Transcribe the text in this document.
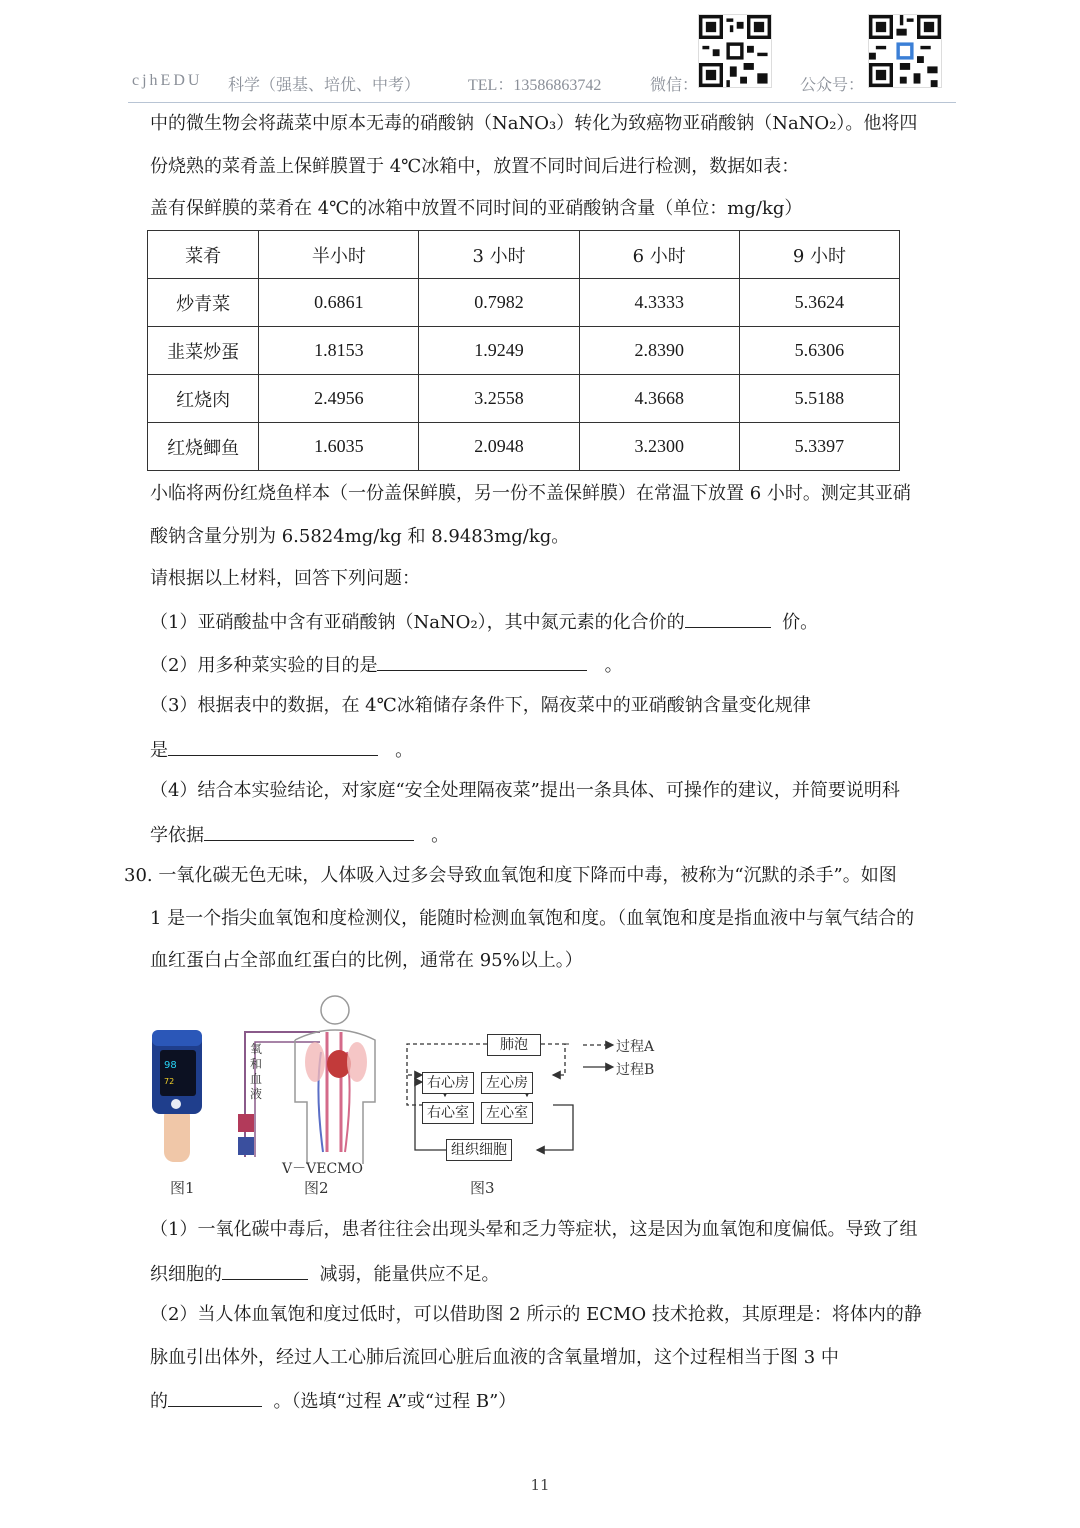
cjhEDU 科学（强基、培优、中考）	TEL：13586863742	微信：	公众号：
中的微生物会将蔬菜中原本无毒的硝酸钠（NaNO₃）转化为致癌物亚硝酸钠（NaNO₂）。他将四
份烧熟的菜肴盖上保鲜膜置于 4℃冰箱中，放置不同时间后进行检测，数据如表：
盖有保鲜膜的菜肴在 4℃的冰箱中放置不同时间的亚硝酸钠含量（单位：mg/kg）
菜肴	半小时	3 小时	6 小时	9 小时
炒青菜	0.6861	0.7982	4.3333	5.3624
韭菜炒蛋	1.8153	1.9249	2.8390	5.6306
红烧肉	2.4956	3.2558	4.3668	5.5188
红烧鲫鱼	1.6035	2.0948	3.2300	5.3397
小临将两份红烧鱼样本（一份盖保鲜膜，另一份不盖保鲜膜）在常温下放置 6 小时。测定其亚硝
酸钠含量分别为 6.5824mg/kg 和 8.9483mg/kg。
请根据以上材料，回答下列问题：
（1）亚硝酸盐中含有亚硝酸钠（NaNO₂），其中氮元素的化合价的	价。
（2）用多种菜实验的目的是	。
（3）根据表中的数据，在 4℃冰箱储存条件下，隔夜菜中的亚硝酸钠含量变化规律
是	。
（4）结合本实验结论，对家庭“安全处理隔夜菜”提出一条具体、可操作的建议，并简要说明科
学依据	。
30. 一氧化碳无色无味，人体吸入过多会导致血氧饱和度下降而中毒，被称为“沉默的杀手”。如图
1 是一个指尖血氧饱和度检测仪，能随时检测血氧饱和度。（血氧饱和度是指血液中与氧气结合的
血红蛋白占全部血红蛋白的比例，通常在 95%以上。）
98
72
图1
氧
和
血
液
V－VECMO
图2
肺泡
右心房	左心房
右心室	左心室
组织细胞
过程A
过程B
图3
（1）一氧化碳中毒后，患者往往会出现头晕和乏力等症状，这是因为血氧饱和度偏低。导致了组
织细胞的	减弱，能量供应不足。
（2）当人体血氧饱和度过低时，可以借助图 2 所示的 ECMO 技术抢救，其原理是：将体内的静
脉血引出体外，经过人工心肺后流回心脏后血液的含氧量增加，这个过程相当于图 3 中
的	。（选填“过程 A”或“过程 B”）
11
